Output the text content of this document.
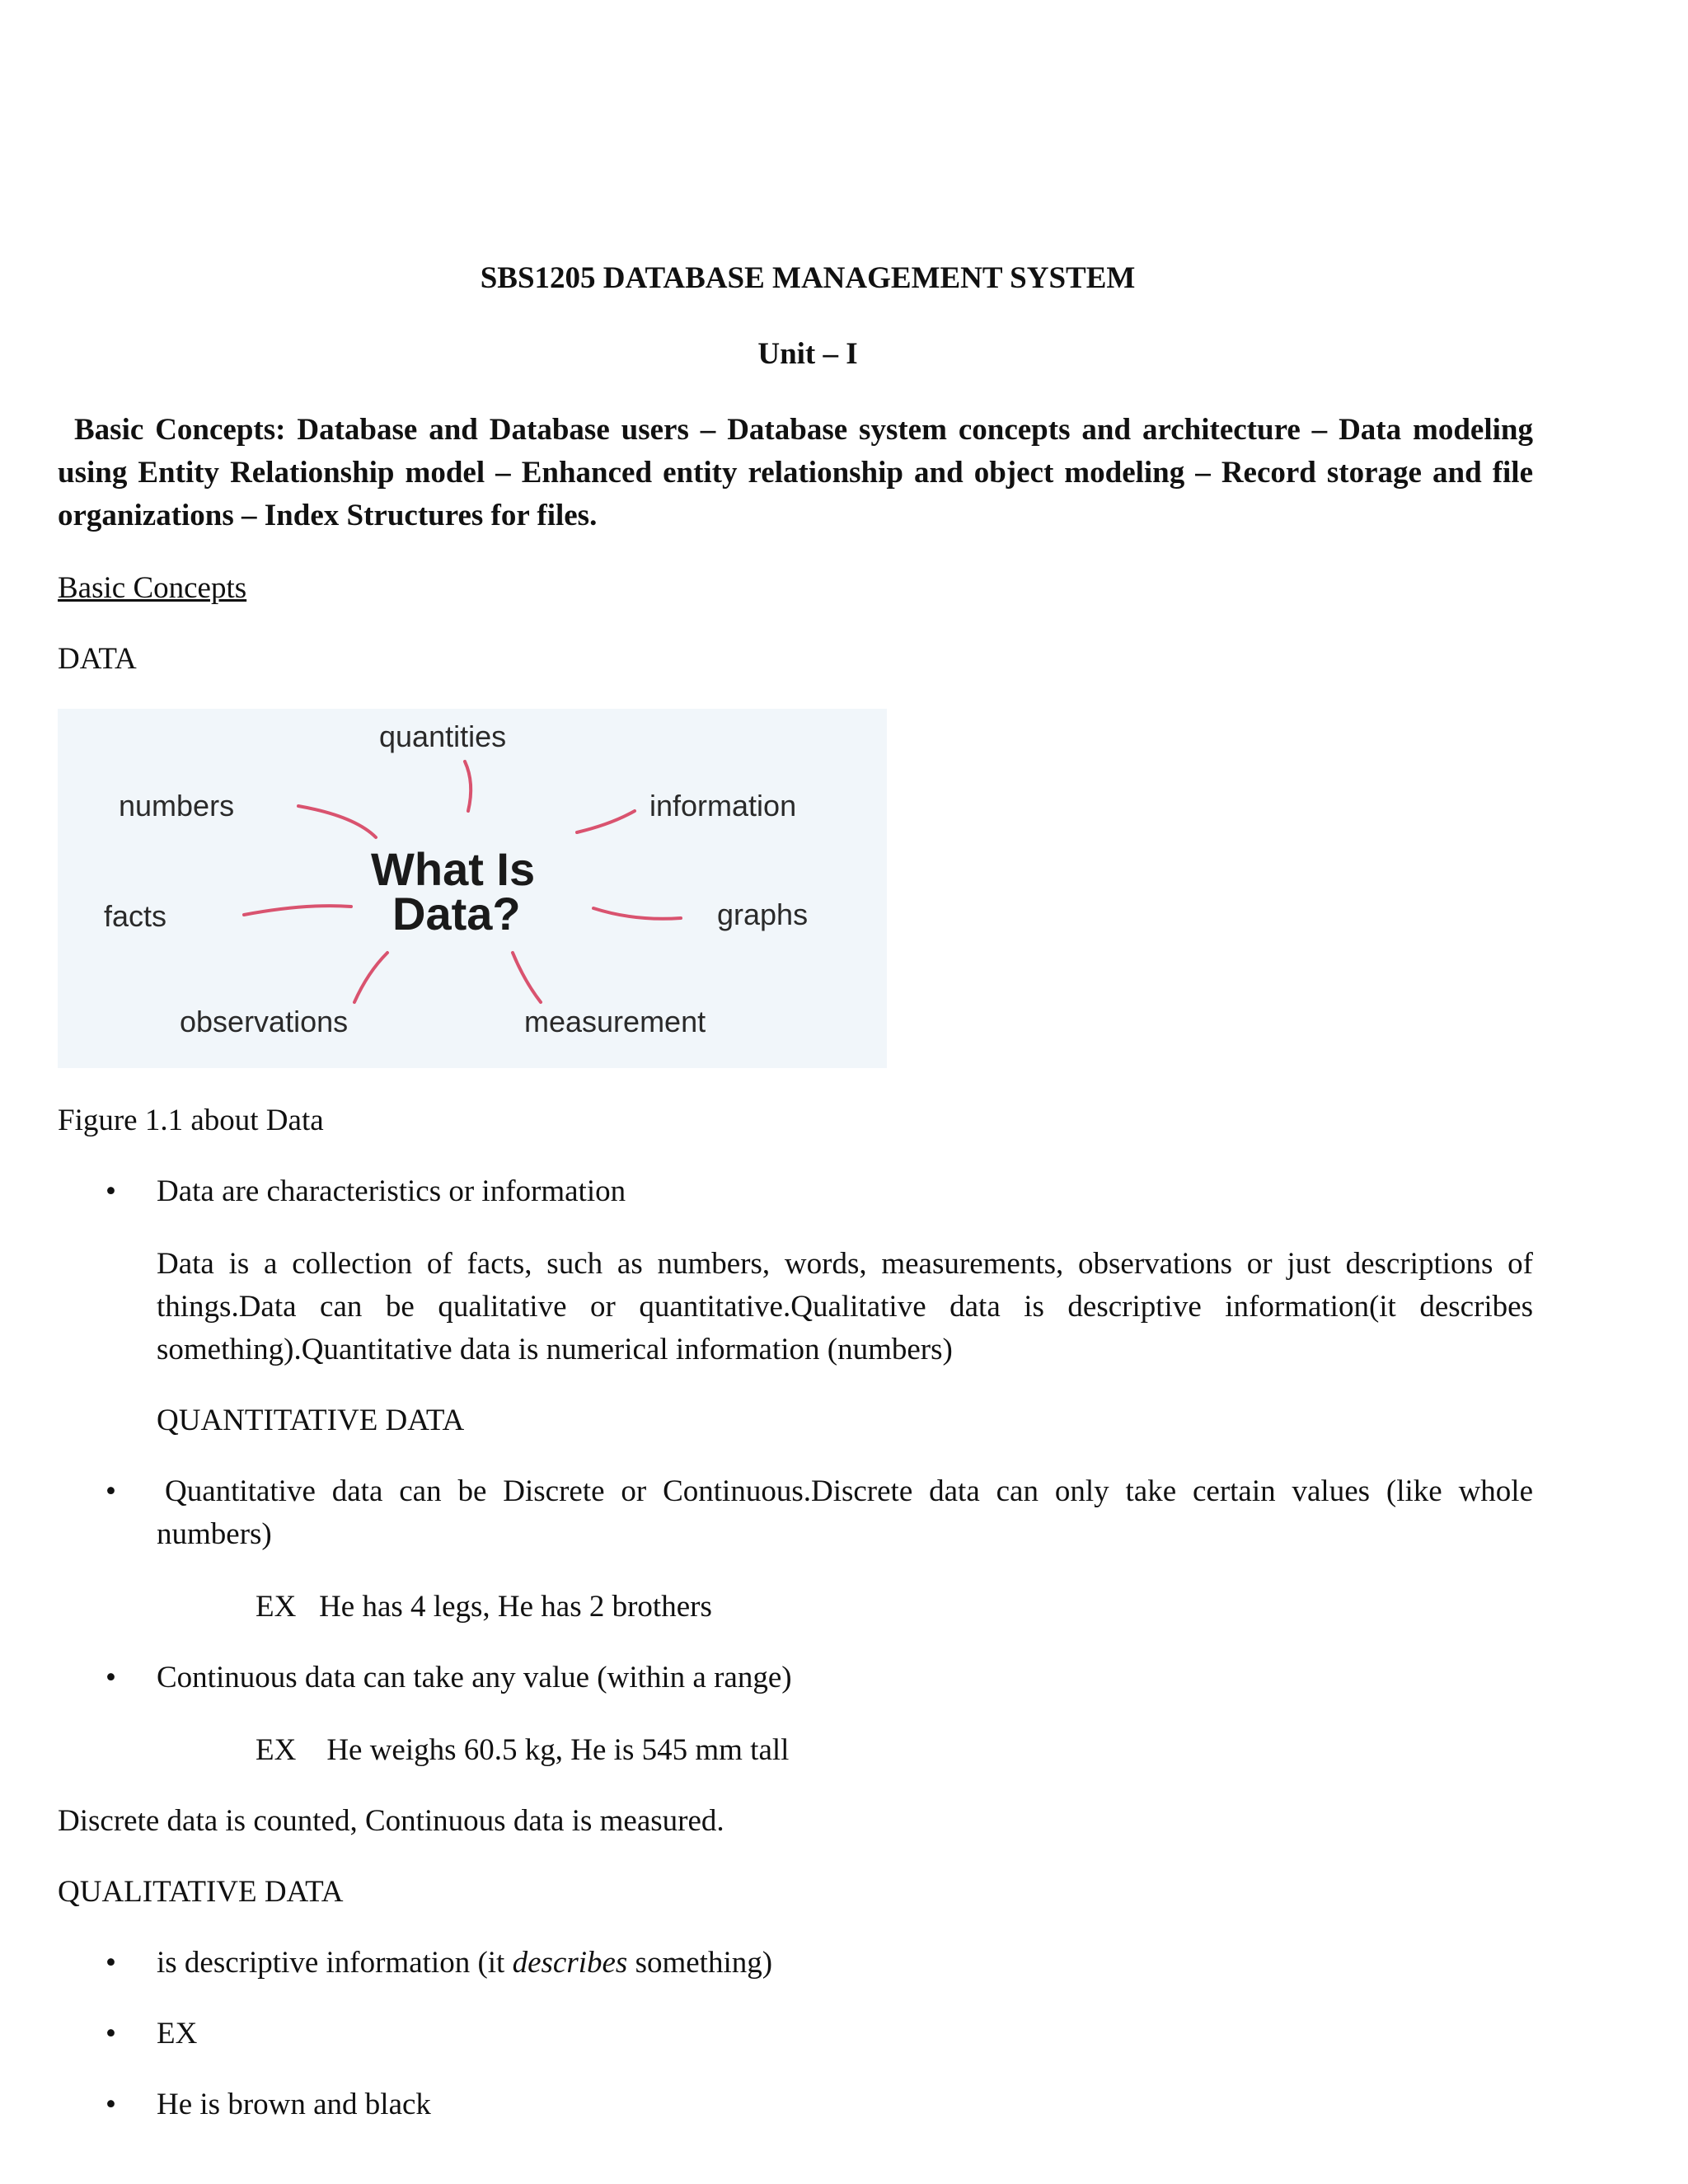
SBS1205 DATABASE MANAGEMENT SYSTEM
Unit – I
Basic Concepts: Database and Database users – Database system concepts and architecture – Data modeling using Entity Relationship model – Enhanced entity relationship and object modeling – Record storage and file organizations – Index Structures for files.
Basic Concepts
DATA
quantities
numbers	information
facts	graphs
observations	measurement
What Is
Data?
Figure 1.1 about Data
• Data are characteristics or information
Data is a collection of facts, such as numbers, words, measurements, observations or just descriptions of things.Data can be qualitative or quantitative.Qualitative data is descriptive information(it describes something).Quantitative data is numerical information (numbers)
QUANTITATIVE DATA
• Quantitative data can be Discrete or Continuous.Discrete data can only take certain values (like whole numbers)
EX   He has 4 legs, He has 2 brothers
• Continuous data can take any value (within a range)
EX    He weighs 60.5 kg, He is 545 mm tall
Discrete data is counted, Continuous data is measured.
QUALITATIVE DATA
• is descriptive information (it describes something)
• EX
• He is brown and black
